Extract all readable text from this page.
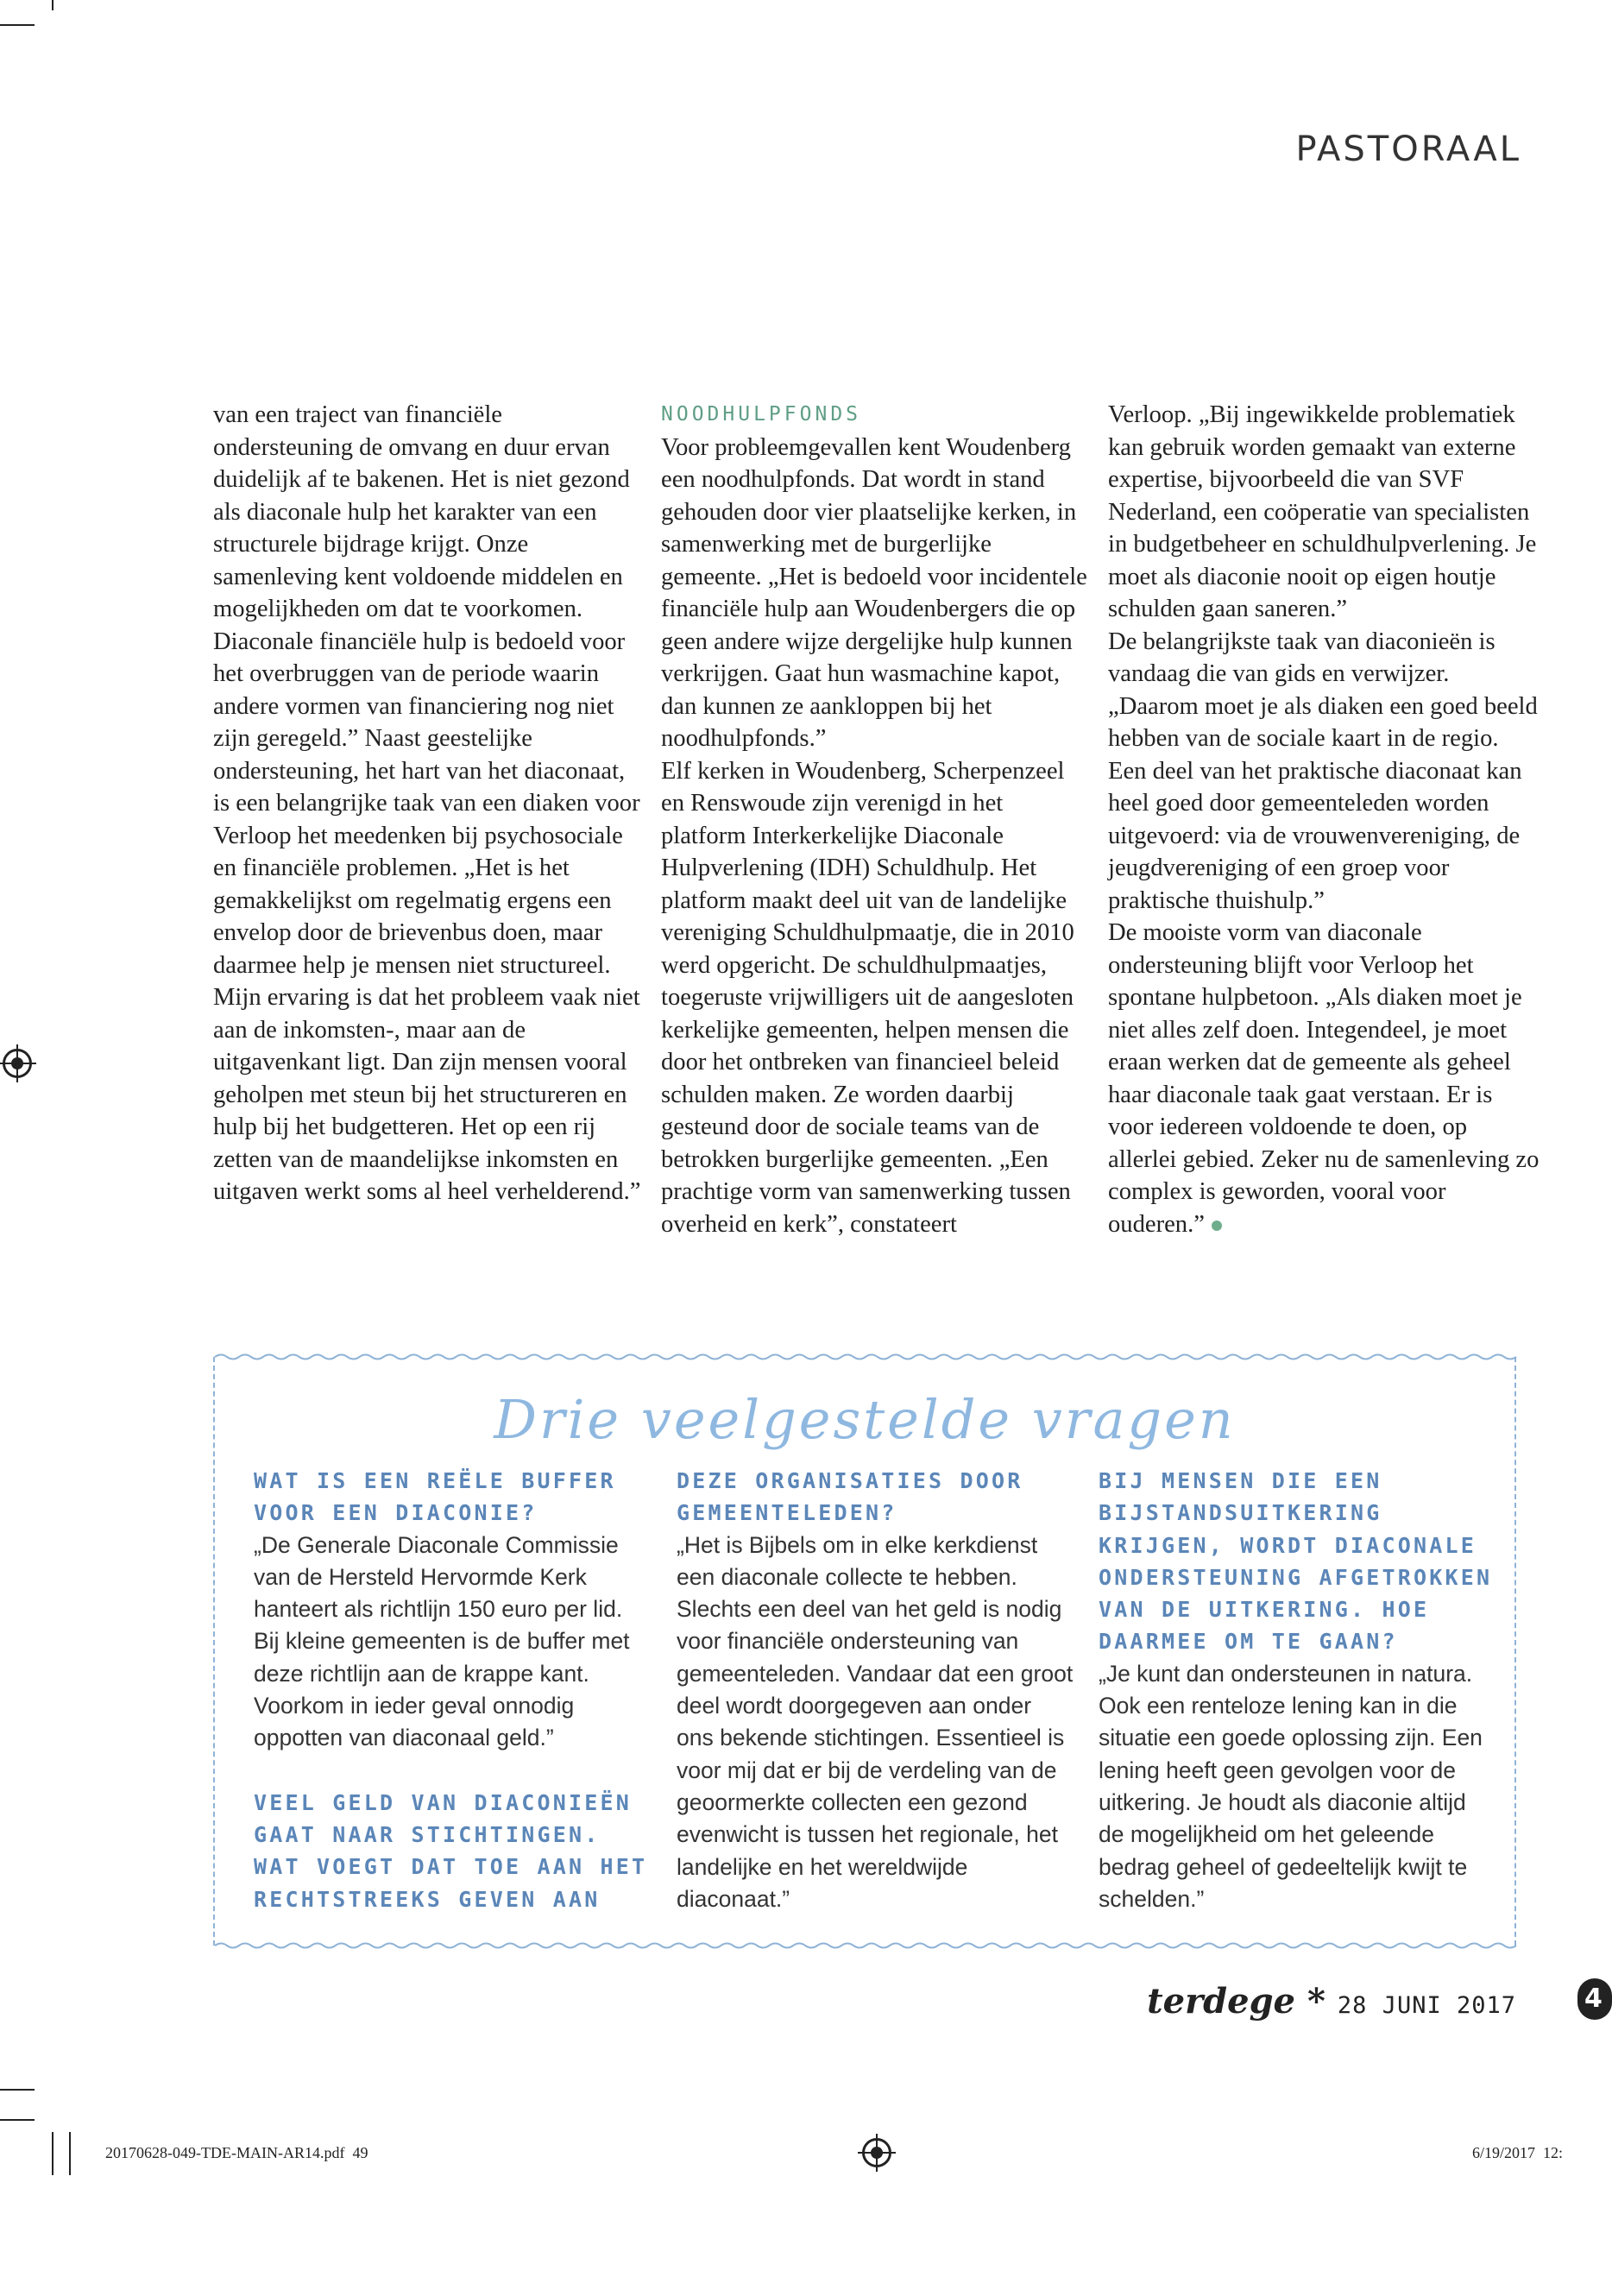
PASTORAAL

van een traject van financiële ondersteuning de omvang en duur ervan duidelijk af te bakenen. Het is niet gezond als diaconale hulp het karakter van een structurele bijdrage krijgt. Onze samenleving kent voldoende middelen en mogelijkheden om dat te voorkomen. Diaconale financiële hulp is bedoeld voor het overbruggen van de periode waarin andere vormen van financiering nog niet zijn geregeld.” Naast geestelijke ondersteuning, het hart van het diaconaat, is een belangrijke taak van een diaken voor Verloop het meedenken bij psychosociale en financiële problemen. „Het is het gemakkelijkst om regelmatig ergens een envelop door de brievenbus doen, maar daarmee help je mensen niet structureel. Mijn ervaring is dat het probleem vaak niet aan de inkomsten-, maar aan de uitgavenkant ligt. Dan zijn mensen vooral geholpen met steun bij het structureren en hulp bij het budgetteren. Het op een rij zetten van de maandelijkse inkomsten en uitgaven werkt soms al heel verhelderend.”

NOODHULPFONDS

Voor probleemgevallen kent Woudenberg een noodhulpfonds. Dat wordt in stand gehouden door vier plaatselijke kerken, in samenwerking met de burgerlijke gemeente. „Het is bedoeld voor incidentele financiële hulp aan Woudenbergers die op geen andere wijze dergelijke hulp kunnen verkrijgen. Gaat hun wasmachine kapot, dan kunnen ze aankloppen bij het noodhulpfonds.”

Elf kerken in Woudenberg, Scherpenzeel en Renswoude zijn verenigd in het platform Interkerkelijke Diaconale Hulpverlening (IDH) Schuldhulp. Het platform maakt deel uit van de landelijke vereniging Schuldhulpmaatje, die in 2010 werd opgericht. De schuldhulpmaatjes, toegeruste vrijwilligers uit de aangesloten kerkelijke gemeenten, helpen mensen die door het ontbreken van financieel beleid schulden maken. Ze worden daarbij gesteund door de sociale teams van de betrokken burgerlijke gemeenten. „Een prachtige vorm van samenwerking tussen overheid en kerk”, constateert

Verloop. „Bij ingewikkelde problematiek kan gebruik worden gemaakt van externe expertise, bijvoorbeeld die van SVF Nederland, een coöperatie van specialisten in budgetbeheer en schuldhulpverlening. Je moet als diaconie nooit op eigen houtje schulden gaan saneren.”

De belangrijkste taak van diaconieën is vandaag die van gids en verwijzer. „Daarom moet je als diaken een goed beeld hebben van de sociale kaart in de regio. Een deel van het praktische diaconaat kan heel goed door gemeenteleden worden uitgevoerd: via de vrouwenvereniging, de jeugdvereniging of een groep voor praktische thuishulp.”

De mooiste vorm van diaconale ondersteuning blijft voor Verloop het spontane hulpbetoon. „Als diaken moet je niet alles zelf doen. Integendeel, je moet eraan werken dat de gemeente als geheel haar diaconale taak gaat verstaan. Er is voor iedereen voldoende te doen, op allerlei gebied. Zeker nu de samenleving zo complex is geworden, vooral voor ouderen.”

Drie veelgestelde vragen
WAT IS EEN REËLE BUFFER VOOR EEN DIACONIE?
„De Generale Diaconale Commissie van de Hersteld Hervormde Kerk hanteert als richtlijn 150 euro per lid. Bij kleine gemeenten is de buffer met deze richtlijn aan de krappe kant. Voorkom in ieder geval onnodig oppotten van diaconaal geld.”
VEEL GELD VAN DIACONIEËN GAAT NAAR STICHTINGEN. WAT VOEGT DAT TOE AAN HET RECHTSTREEKS GEVEN AAN
DEZE ORGANISATIES DOOR GEMEENTELEDEN?
„Het is Bijbels om in elke kerkdienst een diaconale collecte te hebben. Slechts een deel van het geld is nodig voor financiële ondersteuning van gemeenteleden. Vandaar dat een groot deel wordt doorgegeven aan onder ons bekende stichtingen. Essentieel is voor mij dat er bij de verdeling van de geoormerkte collecten een gezond evenwicht is tussen het regionale, het landelijke en het wereldwijde diaconaat.”
BIJ MENSEN DIE EEN BIJSTANDSUITKERING KRIJGEN, WORDT DIACONALE ONDERSTEUNING AFGETROKKEN VAN DE UITKERING. HOE DAARMEE OM TE GAAN?
„Je kunt dan ondersteunen in natura. Ook een renteloze lening kan in die situatie een goede oplossing zijn. Een lening heeft geen gevolgen voor de uitkering. Je houdt als diaconie altijd de mogelijkheid om het geleende bedrag geheel of gedeeltelijk kwijt te schelden.”
terdege * 28 JUNI 2017	4
20170628-049-TDE-MAIN-AR14.pdf 49	6/19/2017 12:
